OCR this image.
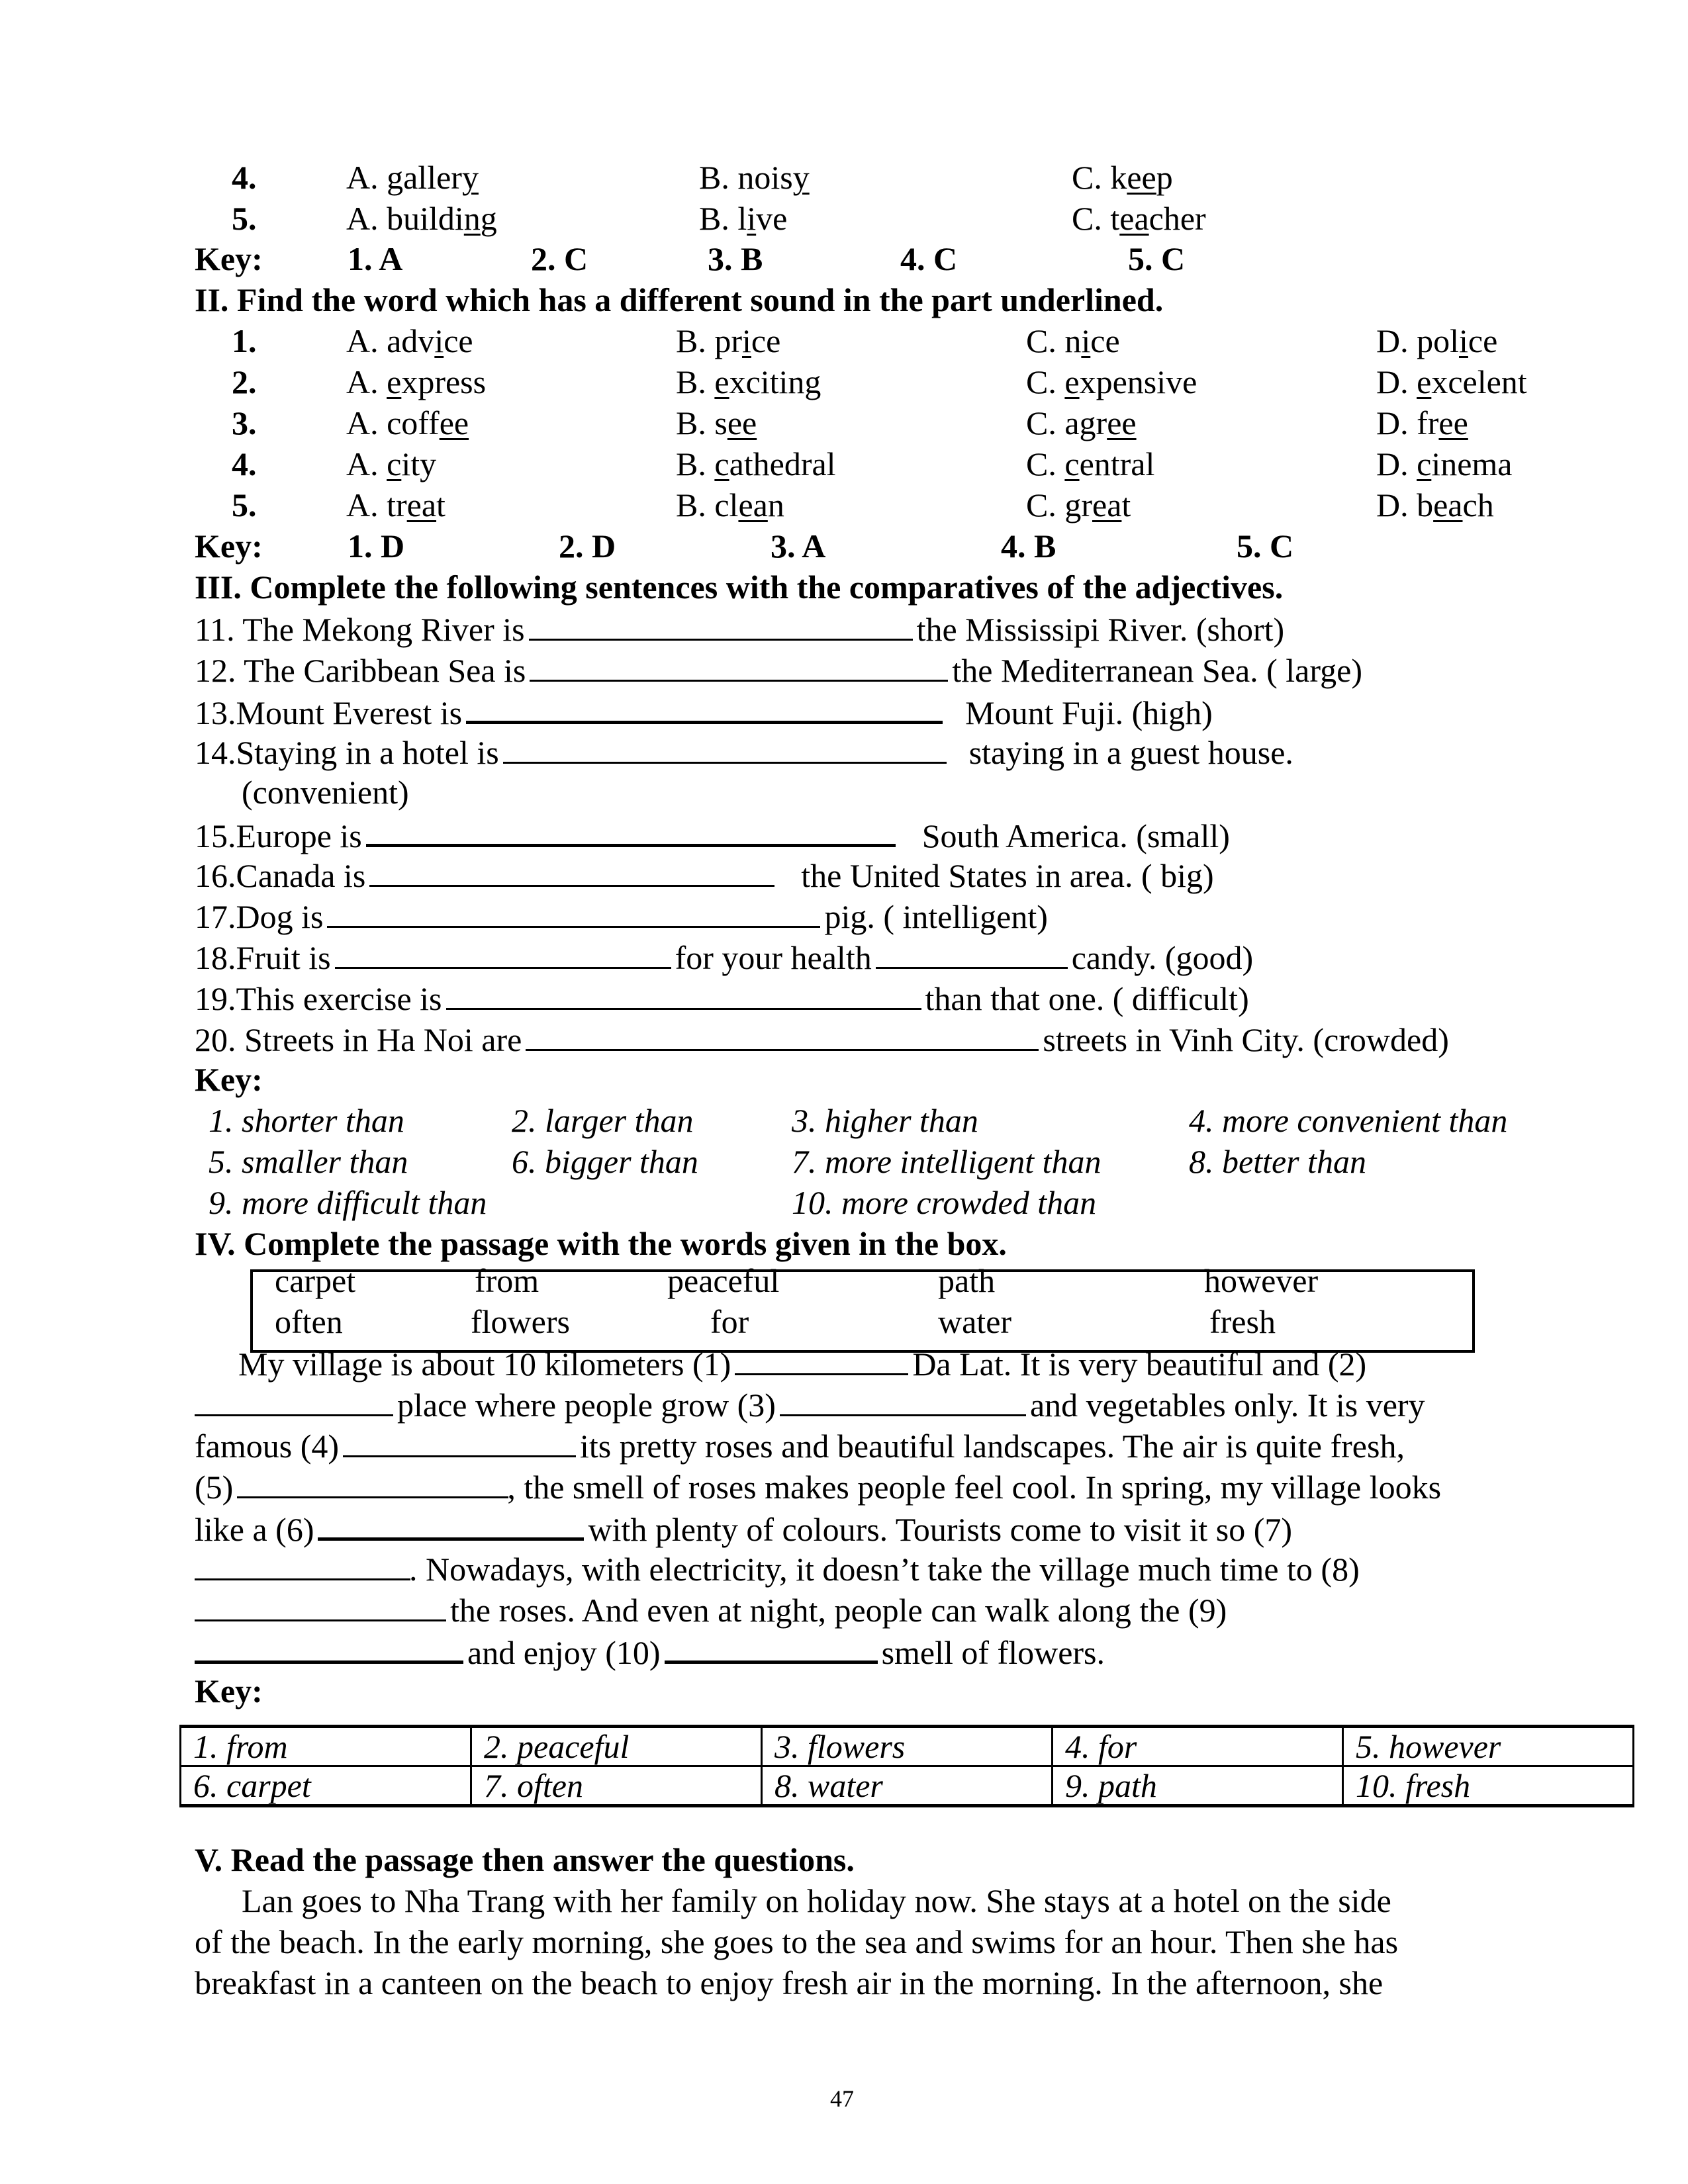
4.	A. gallery	B. noisy	C. keep
5.	A. building	B. live	C. teacher
Key:	1. A	2. C	3. B	4. C	5. C
II. Find the word which has a different sound in the part underlined.
1.	A. advice	B. price	C. nice	D. police
2.	A. express	B. exciting	C. expensive	D. excelent
3.	A. coffee	B. see	C. agree	D. free
4.	A. city	B. cathedral	C. central	D. cinema
5.	A. treat	B. clean	C. great	D. beach
Key:	1. D	2. D	3. A	4. B	5. C
III. Complete the following sentences with the comparatives of the adjectives.
11. The Mekong River is	the Mississipi River. (short)
12. The Caribbean Sea is	the Mediterranean Sea. ( large)
13.Mount Everest is	Mount Fuji. (high)
14.Staying in a hotel is	staying in a guest house.
(convenient)
15.Europe is	South America. (small)
16.Canada is	the United States in area. ( big)
17.Dog is	pig. ( intelligent)
18.Fruit is	for your health	candy. (good)
19.This exercise is	than that one. ( difficult)
20. Streets in Ha Noi are	streets in Vinh City. (crowded)
Key:
1. shorter than	2. larger than	3. higher than	4. more convenient than
5. smaller than	6. bigger than	7. more intelligent than	8. better than
9. more difficult than	10. more crowded than
IV. Complete the passage with the words given in the box.
carpet	from	peaceful	path	however
often	flowers	for	water	fresh
My village is about 10 kilometers (1)	Da Lat. It is very beautiful and (2)
place where people grow (3)	and vegetables only. It is very
famous (4)	its pretty roses and beautiful landscapes. The air is quite fresh,
(5)	, the smell of roses makes people feel cool. In spring, my village looks
like a (6)	with plenty of colours. Tourists come to visit it so (7)
. Nowadays, with electricity, it doesn’t take the village much time to (8)
the roses. And even at night, people can walk along the (9)
and enjoy (10)	smell of flowers.
Key:
1. from	2. peaceful	3. flowers	4. for	5. however
6. carpet	7. often	8. water	9. path	10. fresh
V. Read the passage then answer the questions.
Lan goes to Nha Trang with her family on holiday now. She stays at a hotel on the side
of the beach. In the early morning, she goes to the sea and swims for an hour. Then she has
breakfast in a canteen on the beach to enjoy fresh air in the morning. In the afternoon, she
47
